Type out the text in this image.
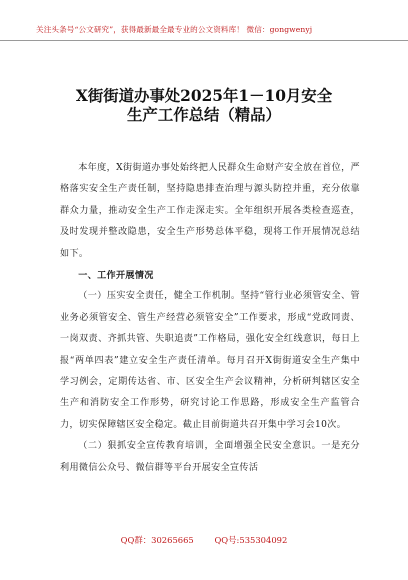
关注头条号“公文研究”，获得最新最全最专业的公文资料库！ 微信：gongwenyj
X街街道办事处2025年1－10月安全
生产工作总结（精品）

本年度，X街街道办事处始终把人民群众生命财产安全放在首位，严格落实安全生产责任制，坚持隐患排查治理与源头防控并重，充分依靠群众力量，推动安全生产工作走深走实。全年组织开展各类检查巡查，及时发现并整改隐患，安全生产形势总体平稳，现将工作开展情况总结如下。

一、工作开展情况

（一）压实安全责任，健全工作机制。坚持“管行业必须管安全、管业务必须管安全、管生产经营必须管安全”工作要求，形成“党政同责、一岗双责、齐抓共管、失职追责”工作格局，强化安全红线意识，每日上报“两单四表”建立安全生产责任清单。每月召开X街街道安全生产集中学习例会，定期传达省、市、区安全生产会议精神，分析研判辖区安全生产和消防安全工作形势，研究讨论工作思路，形成安全生产监管合力，切实保障辖区安全稳定。截止目前街道共召开集中学习会10次。

（二）狠抓安全宣传教育培训，全面增强全民安全意识。一是充分利用微信公众号、微信群等平台开展安全宣传活

QQ群：30265665 QQ号:535304092
